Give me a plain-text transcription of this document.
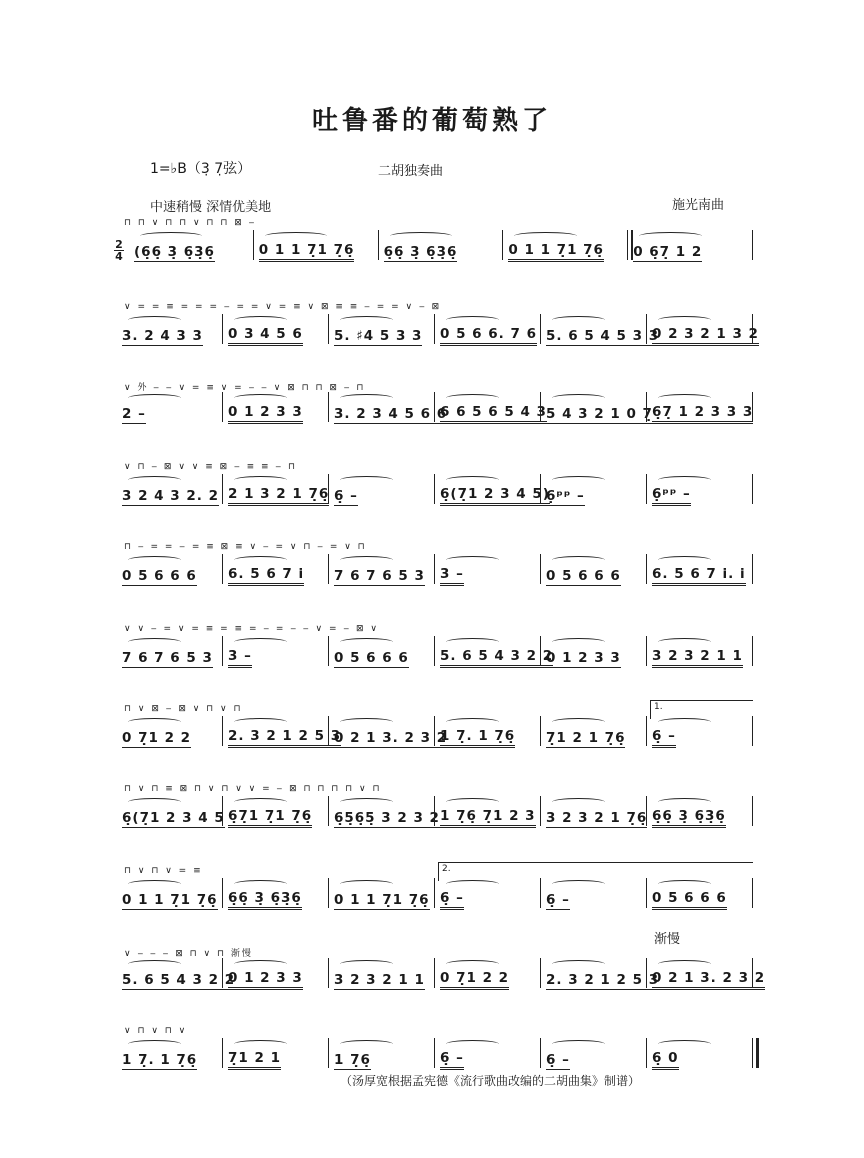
吐鲁番的葡萄熟了
1=♭B（3̣ 7̣弦）	二胡独奏曲
中速稍慢 深情优美地	施光南曲
⊓ ⊓ ∨ ⊓ ⊓ ∨ ⊓ ⊓ ⊠ ‒
(6̣6̣ 3̣ 6̣3̣6̣	0 1 1 7̣1 7̣6̣ 6̣6̣ 3̣ 6̣3̣6̣	0 1 1 7̣1 7̣6̣ 0 6̣7̣ 1 2
2
4
∨ = = ≡ = = = ‒ = = ∨ = ≡ ∨ ⊠ ≡ ≡ ‒ = = ∨ ‒ ⊠
3. 2 4 3 3 0 3 4 5 6 5. ♯4 5 3 3 0 5 6 6. 7 6 5. 6 5 4 5 3 3
0 2 3 2 1 3 2
∨ 外 ‒ ‒ ∨ = ≡ ∨ = ‒ ‒ ∨ ⊠ ⊓ ⊓ ⊠ ‒ ⊓
2 –	0 1 2 3 3 3. 2 3 4 5 6 6
6 6 5 6 5 4 3 5 4 3 2 1 0 7̣ 6̣7̣ 1 2 3 3 3
∨ ⊓ ‒ ⊠ ∨ ∨ ≡ ⊠ ‒ ≡ ≡ ‒ ⊓
3 2 4 3 2. 2 2 1 3 2 1 7̣6̣ 6̣ –	6̣(7̣1 2 3 4 5)
6̣ᵖᵖ –	6̣ᵖᵖ –
⊓ ‒ = = ‒ = ≡ ⊠ ≡ ∨ ‒ = ∨ ⊓ ‒ = ∨ ⊓
0 5 6 6 6 6. 5 6 7 i 7 6 7 6 5 3 3 –	0 5 6 6 6 6. 5 6 7 i. i
∨ ∨ ‒ = ∨ = ≡ = ≡ = ‒ = ‒ ‒ ∨ = ‒ ⊠ ∨
7 6 7 6 5 3 3 –	0 5 6 6 6 5. 6 5 4 3 2 2
0 1 2 3 3 3 2 3 2 1 1
⊓ ∨ ⊠ ‒ ⊠ ∨ ⊓ ∨ ⊓
0 7̣1 2 2	2. 3 2 1 2 5 3
0 2 1 3. 2 3 2
1 7̣. 1 7̣6̣ 7̣1 2 1 7̣6̣ 6̣ –
1.
⊓ ∨ ⊓ ≡ ⊠ ⊓ ∨ ⊓ ∨ ∨ = ‒ ⊠ ⊓ ⊓ ⊓ ⊓ ∨ ⊓
6̣(7̣1 2 3 4 5 6̣7̣1 7̣1 7̣6̣ 6̣5̣6̣5̣ 3 2 3 2 1 7̣6̣ 7̣1 2 3 3 2 3 2 1 7̣6̣ 6̣6̣ 3̣ 6̣3̣6̣
⊓ ∨ ⊓ ∨ = ≡
0 1 1 7̣1 7̣6̣ 6̣6̣ 3̣ 6̣3̣6̣ 0 1 1 7̣1 7̣6̣ 6̣ –	6̣ –	0 5 6 6 6
2.
∨ ‒ ‒ ‒ ⊠ ⊓ ∨ ⊓ 渐慢
5. 6 5 4 3 2 2
0 1 2 3 3 3 2 3 2 1 1 0 7̣1 2 2	2. 3 2 1 2 5 3
0 2 1 3. 2 3 2
渐慢
∨ ⊓ ∨ ⊓ ∨
1 7̣. 1 7̣6̣ 7̣1 2 1	1 7̣6̣	6̣ –	6̣ –	6̣ 0
（汤厚宽根据孟宪德《流行歌曲改编的二胡曲集》制谱）
